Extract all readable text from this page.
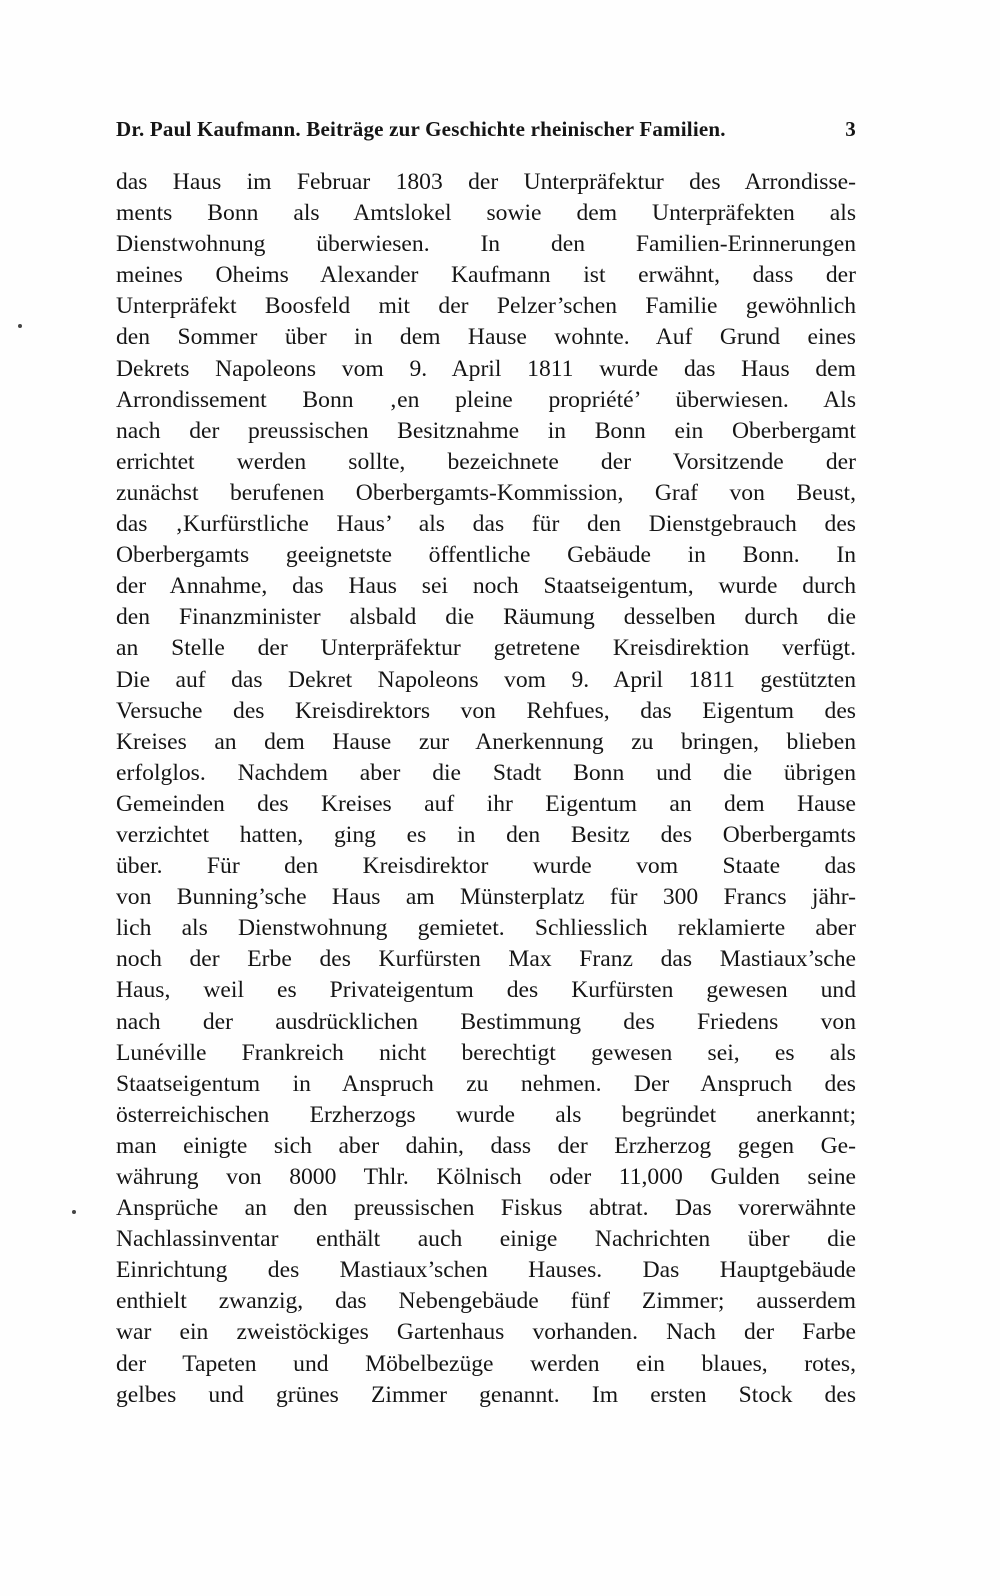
Dr. Paul Kaufmann. Beiträge zur Geschichte rheinischer Familien.	3
das Haus im Februar 1803 der Unterpräfektur des Arrondisse-
ments Bonn als Amtslokel sowie dem Unterpräfekten als
Dienstwohnung überwiesen. In den Familien-Erinnerungen
meines Oheims Alexander Kaufmann ist erwähnt, dass der
Unterpräfekt Boosfeld mit der Pelzer’schen Familie gewöhnlich
den Sommer über in dem Hause wohnte. Auf Grund eines
Dekrets Napoleons vom 9. April 1811 wurde das Haus dem
Arrondissement Bonn ‚en pleine propriété’ überwiesen. Als
nach der preussischen Besitznahme in Bonn ein Oberbergamt
errichtet werden sollte, bezeichnete der Vorsitzende der
zunächst berufenen Oberbergamts-Kommission, Graf von Beust,
das ‚Kurfürstliche Haus’ als das für den Dienstgebrauch des
Oberbergamts geeignetste öffentliche Gebäude in Bonn. In
der Annahme, das Haus sei noch Staatseigentum, wurde durch
den Finanzminister alsbald die Räumung desselben durch die
an Stelle der Unterpräfektur getretene Kreisdirektion verfügt.
Die auf das Dekret Napoleons vom 9. April 1811 gestützten
Versuche des Kreisdirektors von Rehfues, das Eigentum des
Kreises an dem Hause zur Anerkennung zu bringen, blieben
erfolglos. Nachdem aber die Stadt Bonn und die übrigen
Gemeinden des Kreises auf ihr Eigentum an dem Hause
verzichtet hatten, ging es in den Besitz des Oberbergamts
über. Für den Kreisdirektor wurde vom Staate das
von Bunning’sche Haus am Münsterplatz für 300 Francs jähr-
lich als Dienstwohnung gemietet. Schliesslich reklamierte aber
noch der Erbe des Kurfürsten Max Franz das Mastiaux’sche
Haus, weil es Privateigentum des Kurfürsten gewesen und
nach der ausdrücklichen Bestimmung des Friedens von
Lunéville Frankreich nicht berechtigt gewesen sei, es als
Staatseigentum in Anspruch zu nehmen. Der Anspruch des
österreichischen Erzherzogs wurde als begründet anerkannt;
man einigte sich aber dahin, dass der Erzherzog gegen Ge-
währung von 8000 Thlr. Kölnisch oder 11,000 Gulden seine
Ansprüche an den preussischen Fiskus abtrat. Das vorerwähnte
Nachlassinventar enthält auch einige Nachrichten über die
Einrichtung des Mastiaux’schen Hauses. Das Hauptgebäude
enthielt zwanzig, das Nebengebäude fünf Zimmer; ausserdem
war ein zweistöckiges Gartenhaus vorhanden. Nach der Farbe
der Tapeten und Möbelbezüge werden ein blaues, rotes,
gelbes und grünes Zimmer genannt. Im ersten Stock des
